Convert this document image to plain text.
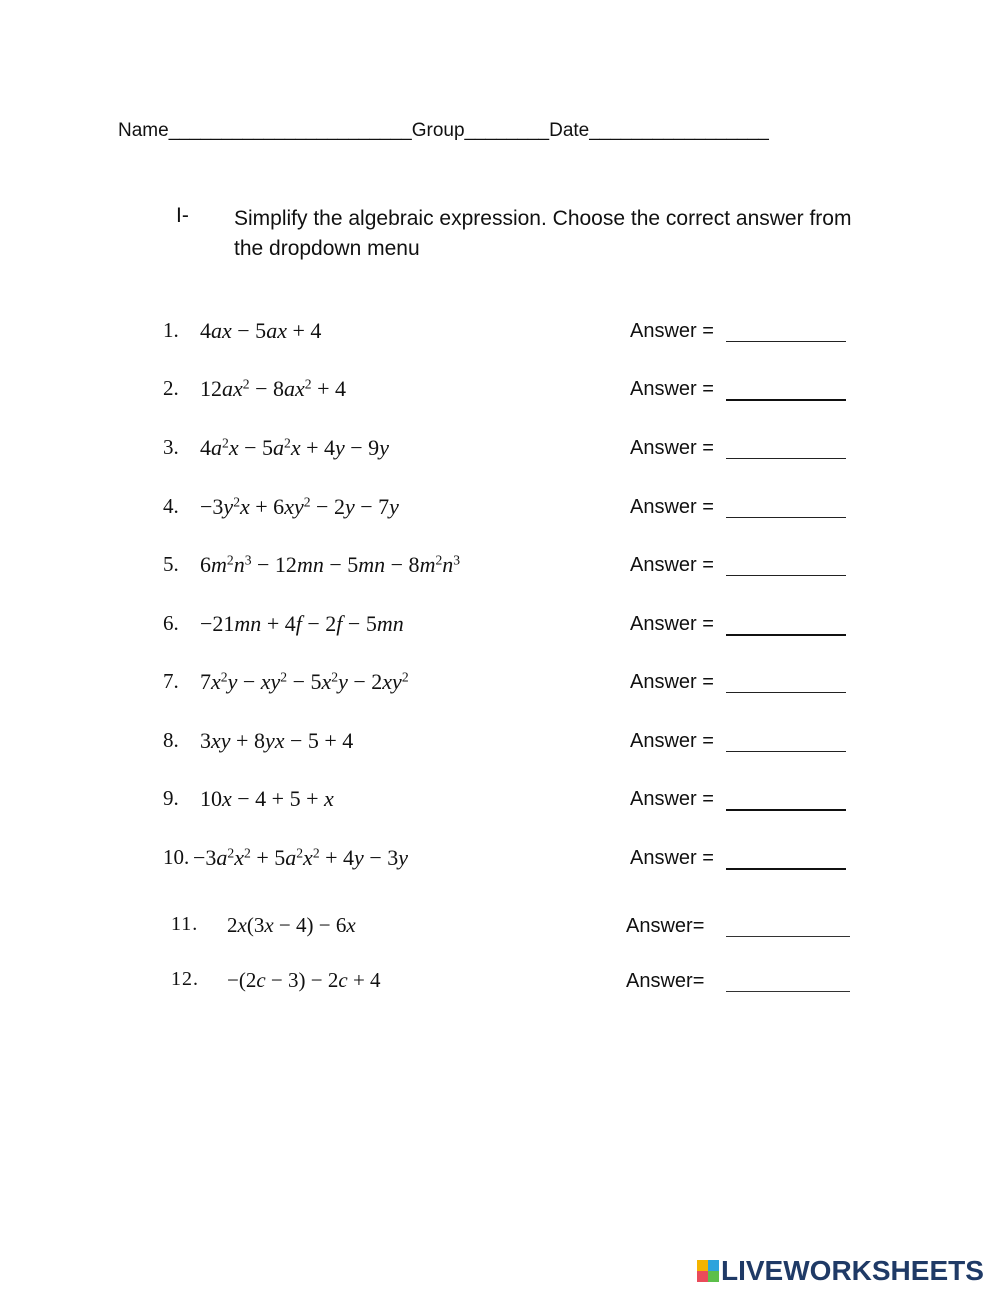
Name_______________________Group________Date_________________
I- Simplify the algebraic expression. Choose the correct answer from the dropdown menu
1. 4ax − 5ax + 4	Answer =
2. $12ax^2 - 8ax^2 + 4$	Answer =
3. $4a^2x - 5a^2x + 4y - 9y$	Answer =
4. $-3y^2x + 6xy^2 - 2y - 7y$	Answer =
5. $6m^2n^3 - 12mn - 5mn - 8m^2n^3$	Answer =
6. −21mn + 4f − 2f − 5mn	Answer =
7. $7x^2y - xy^2 - 5x^2y - 2xy^2$	Answer =
8. 3xy + 8yx − 5 + 4	Answer =
9. 10x − 4 + 5 + x	Answer =
10. $-3a^2x^2 + 5a^2x^2 + 4y - 3y$	Answer =
11. 2x(3x − 4) − 6x	Answer=
12. −(2c − 3) − 2c + 4	Answer=
LIVEWORKSHEETS
